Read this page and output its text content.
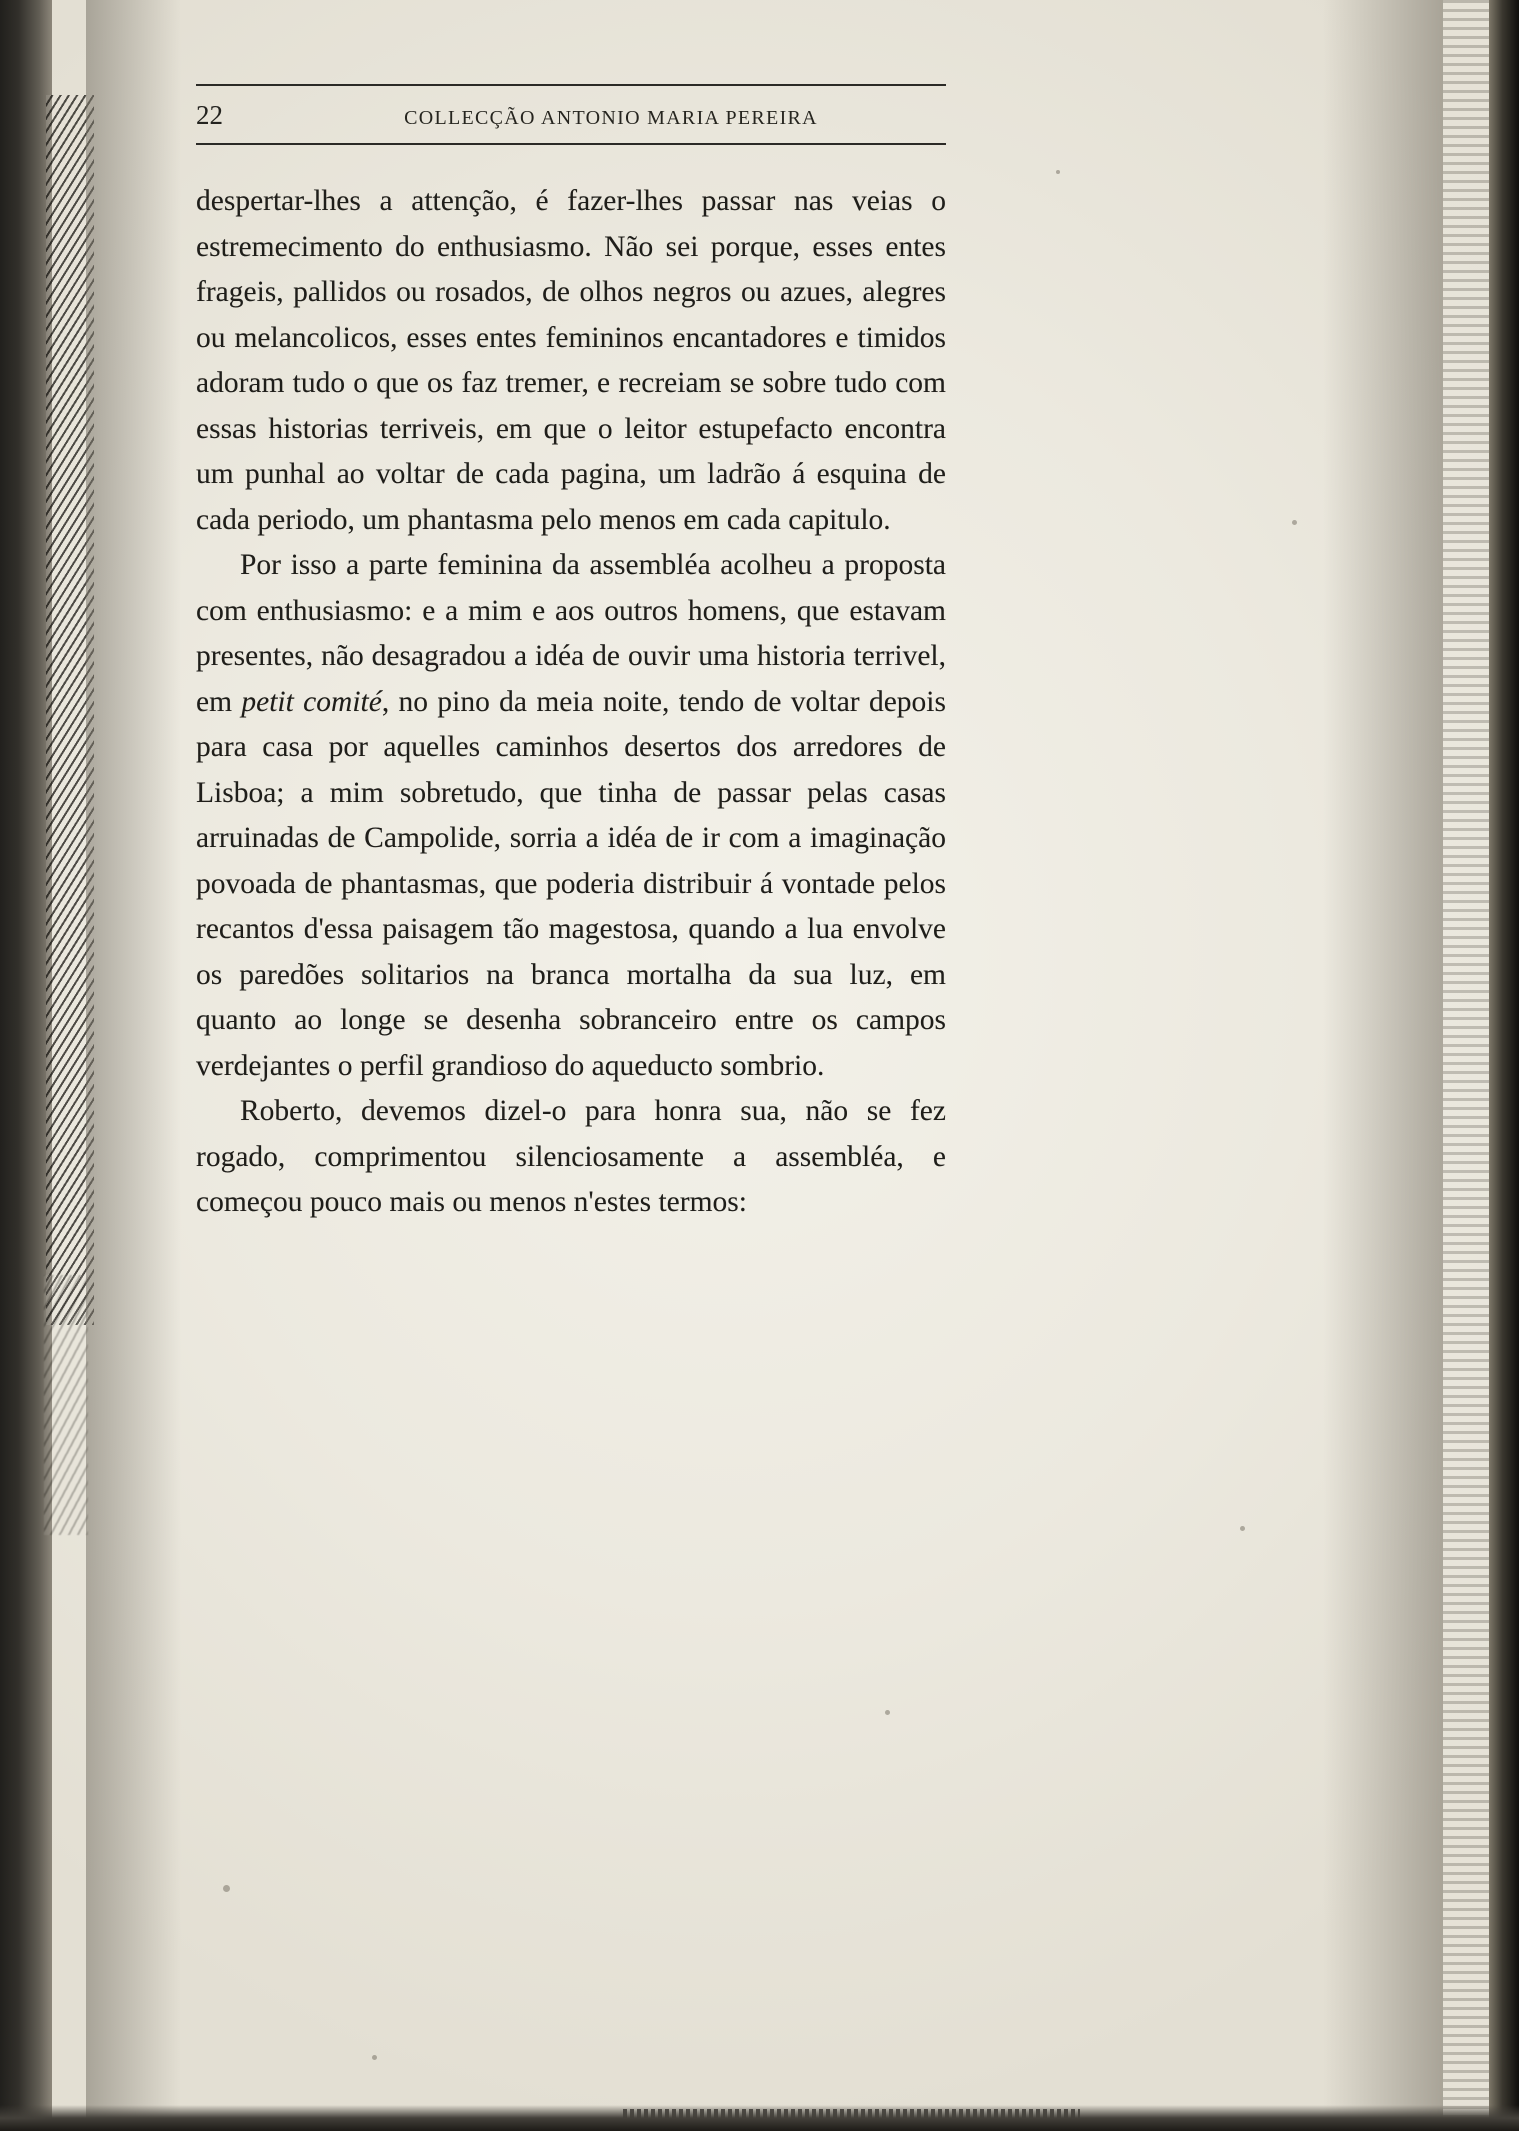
22	COLLECÇÃO ANTONIO MARIA PEREIRA

despertar-lhes a attenção, é fazer-lhes passar nas veias o estremecimento do enthusiasmo. Não sei porque, esses entes frageis, pallidos ou rosados, de olhos negros ou azues, alegres ou melancolicos, esses entes femininos encantadores e timidos adoram tudo o que os faz tremer, e recreiam se sobre tudo com essas historias terriveis, em que o leitor estupefacto encontra um punhal ao voltar de cada pagina, um ladrão á esquina de cada periodo, um phantasma pelo menos em cada capitulo.

Por isso a parte feminina da assembléa acolheu a proposta com enthusiasmo: e a mim e aos outros homens, que estavam presentes, não desagradou a idéa de ouvir uma historia terrivel, em petit comité, no pino da meia noite, tendo de voltar depois para casa por aquelles caminhos desertos dos arredores de Lisboa; a mim sobretudo, que tinha de passar pelas casas arruinadas de Campolide, sorria a idéa de ir com a imaginação povoada de phantasmas, que poderia distribuir á vontade pelos recantos d'essa paisagem tão magestosa, quando a lua envolve os paredões solitarios na branca mortalha da sua luz, em quanto ao longe se desenha sobranceiro entre os campos verdejantes o perfil grandioso do aqueducto sombrio.

Roberto, devemos dizel-o para honra sua, não se fez rogado, comprimentou silenciosamente a assembléa, e começou pouco mais ou menos n'estes termos:
